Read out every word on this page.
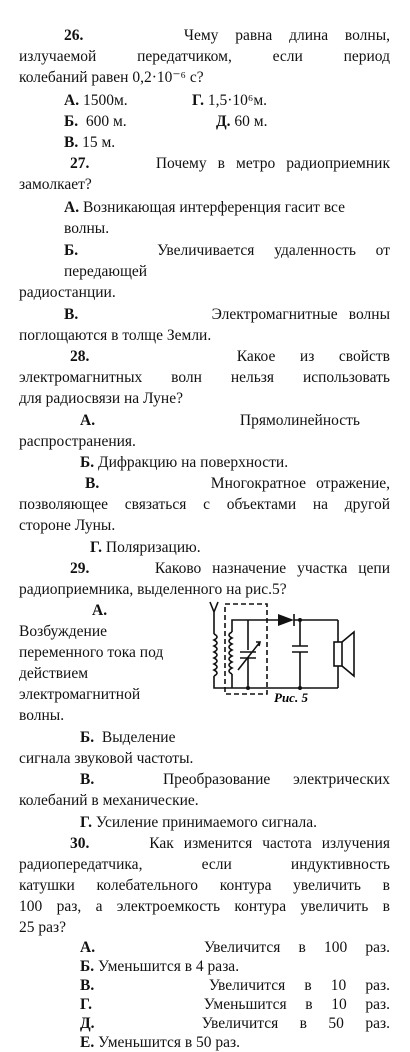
26.	Чему равна длина волны,
излучаемой передатчиком, если период
колебаний равен 0,2·10⁻⁶ с?
А. 1500м.	Г. 1,5·10⁶м.
Б. 600 м.	Д. 60 м.
В. 15 м.
27.	Почему в метро радиоприемник
замолкает?
А. Возникающая интерференция гасит все
волны.
Б.	Увеличивается удаленность от
передающей
радиостанции.
В.	Электромагнитные волны
поглощаются в толще Земли.
28.	Какое из свойств
электромагнитных волн нельзя использовать
для радиосвязи на Луне?
А.	Прямолинейность
распространения.
Б. Дифракцию на поверхности.
В.	Многократное отражение,
позволяющее связаться с объектами на другой
стороне Луны.
Г. Поляризацию.
29.	Каково назначение участка цепи
радиоприемника, выделенного на рис.5?
А.
Возбуждение
переменного тока под
действием
электромагнитной
волны.
Рис. 5
Б. Выделение
сигнала звуковой частоты.
В.	Преобразование электрических
колебаний в механические.
Г. Усиление принимаемого сигнала.
30.	Как изменится частота излучения
радиопередатчика, если индуктивность
катушки колебательного контура увеличить в
100 раз, а электроемкость контура увеличить в
25 раз?
А.	Увеличится в 100 раз.
Б. Уменьшится в 4 раза.
В.	Увеличится в 10 раз.
Г.	Уменьшится в 10 раз.
Д.	Увеличится в 50 раз.
Е. Уменьшится в 50 раз.
